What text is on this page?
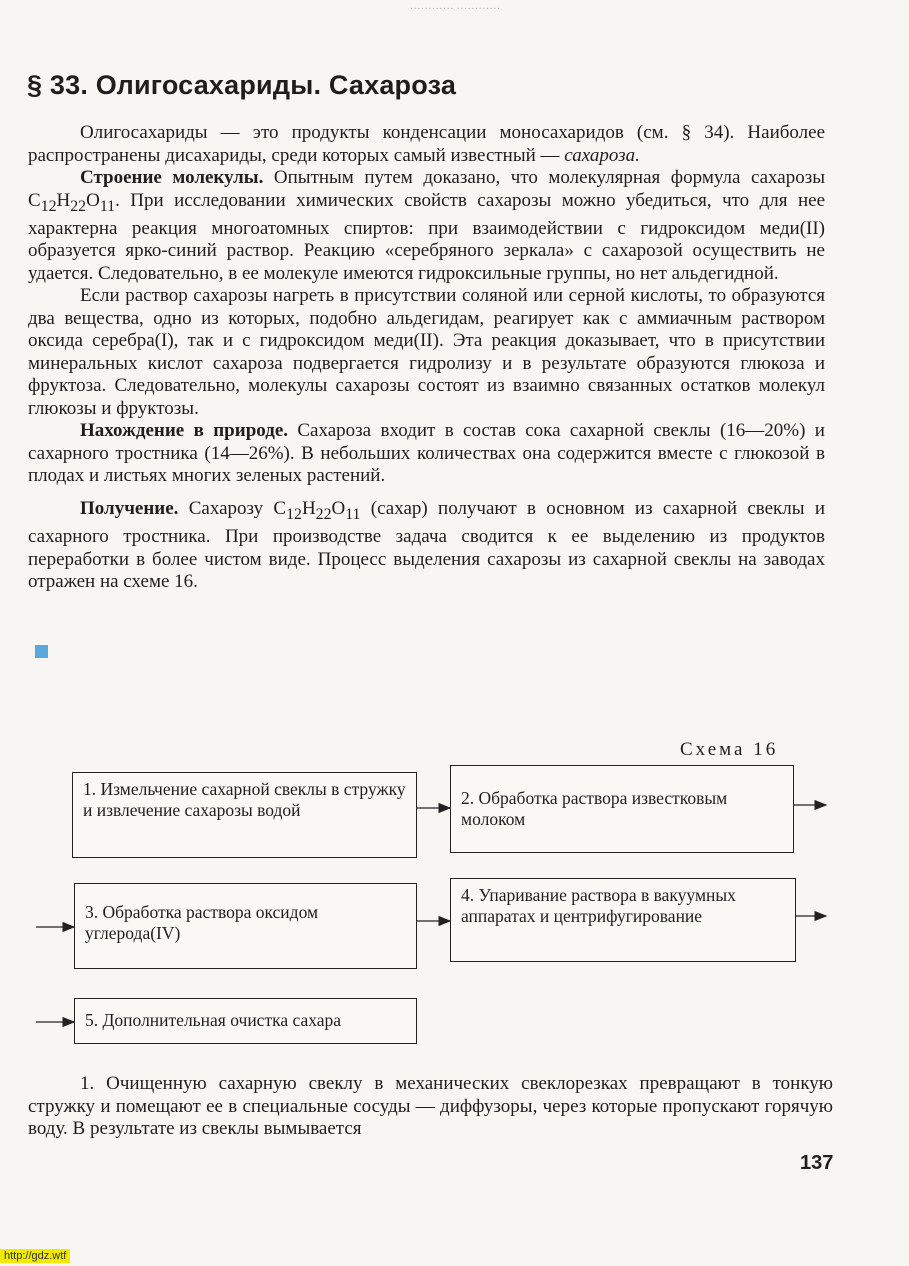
………… …………
§ 33. Олигосахариды. Сахароза

Олигосахариды — это продукты конденсации моносахаридов (см. § 34). Наиболее распространены дисахариды, среди которых самый известный — сахароза.

Строение молекулы. Опытным путем доказано, что молекулярная формула сахарозы $C_{12}H_{22}O_{11}$. При исследовании химических свойств сахарозы можно убедиться, что для нее характерна реакция многоатомных спиртов: при взаимодействии с гидроксидом меди(II) образуется ярко-синий раствор. Реакцию «серебряного зеркала» с сахарозой осуществить не удается. Следовательно, в ее молекуле имеются гидроксильные группы, но нет альдегидной.

Если раствор сахарозы нагреть в присутствии соляной или серной кислоты, то образуются два вещества, одно из которых, подобно альдегидам, реагирует как с аммиачным раствором оксида серебра(I), так и с гидроксидом меди(II). Эта реакция доказывает, что в присутствии минеральных кислот сахароза подвергается гидролизу и в результате образуются глюкоза и фруктоза. Следовательно, молекулы сахарозы состоят из взаимно связанных остатков молекул глюкозы и фруктозы.

Нахождение в природе. Сахароза входит в состав сока сахарной свеклы (16—20%) и сахарного тростника (14—26%). В небольших количествах она содержится вместе с глюкозой в плодах и листьях многих зеленых растений.

Получение. Сахарозу $C_{12}H_{22}O_{11}$ (сахар) получают в основном из сахарной свеклы и сахарного тростника. При производстве задача сводится к ее выделению из продуктов переработки в более чистом виде. Процесс выделения сахарозы из сахарной свеклы на заводах отражен на схеме 16.

Схема 16
1. Измельчение сахарной свеклы в стружку и извлечение сахарозы водой
2. Обработка раствора известковым молоком
3. Обработка раствора оксидом углерода(IV)
4. Упаривание раствора в вакуумных аппаратах и центрифугирование
5. Дополнительная очистка сахара

1. Очищенную сахарную свеклу в механических свеклорезках превращают в тонкую стружку и помещают ее в специальные сосуды — диффузоры, через которые пропускают горячую воду. В результате из свеклы вымывается

137
http://gdz.wtf
